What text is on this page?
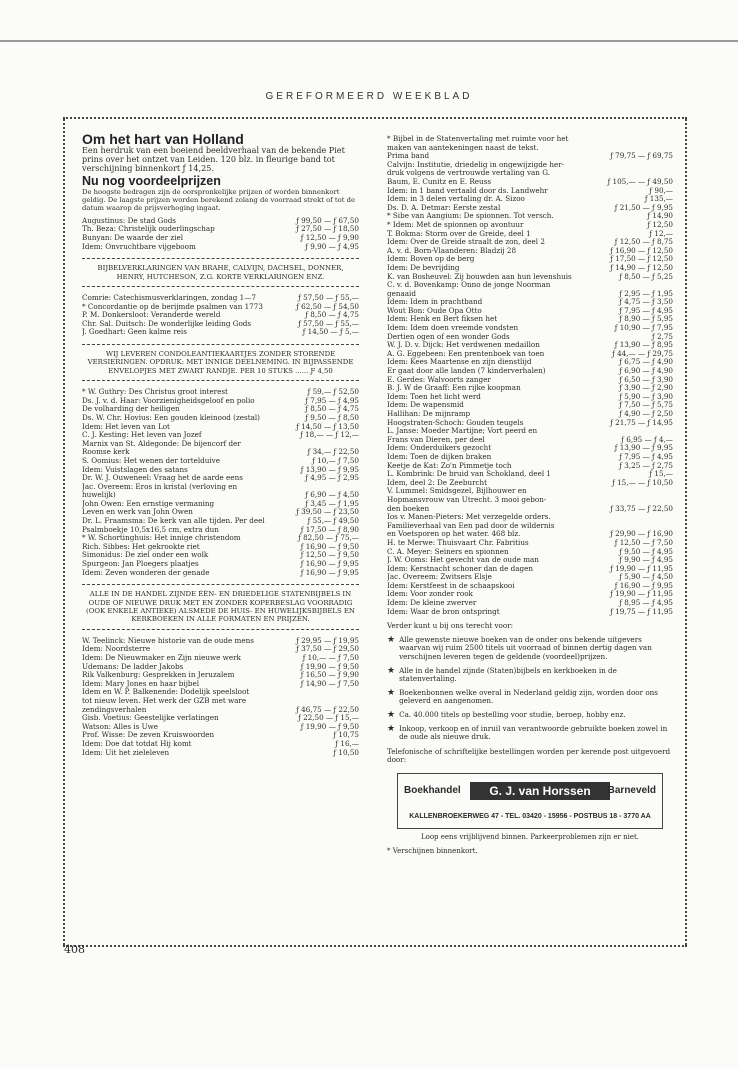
GEREFORMEERD WEEKBLAD
Om het hart van Holland

Een herdruk van een boeiend beeldverhaal van de bekende Piet prins over het ontzet van Leiden. 120 blz. in fleurige band tot verschijning binnenkort ƒ 14,25.

Nu nog voordeelprijzen

De hoogste bedragen zijn de oorspronkelijke prijzen of worden binnenkort geldig. De laagste prijzen worden berekend zolang de voorraad strekt of tot de datum waarop de prijsverhoging ingaat.

Augustinus: De stad Gods	ƒ 99,50 — ƒ 67,50
Th. Beza: Christelijk ouderlingschap	ƒ 27,50 — ƒ 18,50
Bunyan: De waarde der ziel	ƒ 12,50 — ƒ 9,90
Idem: Onvruchtbare vijgeboom	ƒ 9,90 — ƒ 4,95
BIJBELVERKLARINGEN VAN BRAHE, CALVIJN, DACHSEL, DONNER, HENRY, HUTCHESON, Z.G. KORTE VERKLARINGEN ENZ.
Comrie: Catechismusverklaringen, zondag 1—7	ƒ 57,50 — ƒ 55,—
* Concordantie op de berijmde psalmen van 1773	ƒ 62,50 — ƒ 54,50
P. M. Donkersloot: Veranderde wereld	ƒ 8,50 — ƒ 4,75
Chr. Sal. Duitsch: De wonderlijke leiding Gods	ƒ 57,50 — ƒ 55,—
J. Goedhart: Geen kalme reis	ƒ 14,50 — ƒ 5,—
WIJ LEVEREN CONDOLEANTIEKAARTJES ZONDER STORENDE VERSIERINGEN. OPDRUK: MET INNIGE DEELNEMING. IN BIJPASSENDE ENVELOPJES MET ZWART RANDJE. PER 10 STUKS ...... Ƒ 4,50
* W. Guthry: Des Christus groot interest	ƒ 59,— ƒ 52,50
Ds. J. v. d. Haar: Voorzienigheidsgeloof en polio	ƒ 7,95 — ƒ 4,95
De volharding der heiligen	ƒ 8,50 — ƒ 4,75
Ds. W. Chr. Hovius: Een gouden kleinood (zestal)	ƒ 9,50 — ƒ 8,50
Idem: Het leven van Lot	ƒ 14,50 — ƒ 13,50
C. J. Kesting: Het leven van Jozef	ƒ 18,— — ƒ 12,—
Marnix van St. Aldegonde: De bijencorf der
Roomse kerk	ƒ 34,— ƒ 22,50
S. Oomius: Het wenen der tortelduive	ƒ 10,— ƒ 7,50
Idem: Vuistslagen des satans	ƒ 13,90 — ƒ 9,95
Dr. W. J. Ouweneel: Vraag het de aarde eens	ƒ 4,95 — ƒ 2,95
Jac. Overeem: Eros in kristal (verloving en
huwelijk)	ƒ 6,90 — ƒ 4,50
John Owen: Een ernstige vermaning	ƒ 3,45 — ƒ 1,95
Leven en werk van John Owen	ƒ 39,50 — ƒ 23,50
Dr. L. Fraamsma: De kerk van alle tijden. Per deel	ƒ 55,— ƒ 49,50
Psalmboekje 10,5x16,5 cm, extra dun	ƒ 17,50 — ƒ 8,90
* W. Schortinghuis: Het innige christendom	ƒ 82,50 — ƒ 75,—
Rich. Sibbes: Het gekrookte riet	ƒ 16,90 — ƒ 9,50
Simonidus: De ziel onder een wolk	ƒ 12,50 — ƒ 9,50
Spurgeon: Jan Ploegers plaatjes	ƒ 16,90 — ƒ 9,95
Idem: Zeven wonderen der genade	ƒ 16,90 — ƒ 9,95
ALLE IN DE HANDEL ZIJNDE ÉÉN- EN DRIEDELIGE STATENBIJBELS IN OUDE OF NIEUWE DRUK MET EN ZONDER KOPERBESLAG VOORRADIG (OOK ENKELE ANTIEKE) ALSMEDE DE HUIS- EN HUWELIJKSBIJBELS EN KERKBOEKEN IN ALLE FORMATEN EN PRIJZEN.
W. Teelinck: Nieuwe historie van de oude mens	ƒ 29,95 — ƒ 19,95
Idem: Noordsterre	ƒ 37,50 — ƒ 29,50
Idem: De Nieuwmaker en Zijn nieuwe werk	ƒ 10,— — ƒ 7,50
Udemans: De ladder Jakobs	ƒ 19,90 — ƒ 9,50
Rik Valkenburg: Gesprekken in Jeruzalem	ƒ 16,50 — ƒ 9,90
Idem: Mary Jones en haar bijbel	ƒ 14,90 — ƒ 7,50
Idem en W. P. Balkenende: Dodelijk speelsloot
tot nieuw leven. Het werk der GZB met ware
zendingsverhalen	ƒ 46,75 — ƒ 22,50
Gisb. Voetius: Geestelijke verlatingen	ƒ 22,50 — ƒ 15,—
Watson: Alles is Uwe	ƒ 19,90 — ƒ 9,50
Prof. Wisse: De zeven Kruiswoorden	ƒ 10,75
Idem: Doe dat totdat Hij komt	ƒ 16,—
Idem: Uit het zieleleven	ƒ 10,50
* Bijbel in de Statenvertaling met ruimte voor het
maken van aantekeningen naast de tekst.
Prima band	ƒ 79,75 — ƒ 69,75
Calvijn: Institutie, driedelig in ongewijzigde her-
druk volgens de vertrouwde vertaling van G.
Baum, E. Cunitz en E. Reuss	ƒ 105,— — ƒ 49,50
Idem: in 1 band vertaald door ds. Landwehr	ƒ 90,—
Idem: in 3 delen vertaling dr. A. Sizoo	ƒ 135,—
Ds. D. A. Detmar: Eerste zestal	ƒ 21,50 — ƒ 9,95
* Sibe van Aangium: De spionnen. Tot versch.	ƒ 14,90
* Idem: Met de spionnen op avontuur	ƒ 12,50
T. Bokma: Storm over de Greide, deel 1	ƒ 12,—
Idem: Over de Greide straalt de zon, deel 2	ƒ 12,50 — ƒ 8,75
A. v. d. Born-Vlaanderen: Bladzij 28	ƒ 16,90 — ƒ 12,50
Idem: Boven op de berg	ƒ 17,50 — ƒ 12,50
Idem: De bevrijding	ƒ 14,90 — ƒ 12,50
K. van Bosheuvel: Zij bouwden aan hun levenshuis	ƒ 8,50 — ƒ 5,25
C. v. d. Bovenkamp: Onno de jonge Noorman
genaaid	ƒ 2,95 — ƒ 1,95
Idem: Idem in prachtband	ƒ 4,75 — ƒ 3,50
Wout Bon: Oude Opa Otto	ƒ 7,95 — ƒ 4,95
Idem: Henk en Bert fiksen het	ƒ 8,90 — ƒ 5,95
Idem: Idem doen vreemde vondsten	ƒ 10,90 — ƒ 7,95
Dertien ogen of een wonder Gods	ƒ 2,75
W. J. D. v. Dijck: Het verdwenen medaillon	ƒ 13,90 — ƒ 8,95
A. G. Eggebeen: Een prentenboek van toen	ƒ 44,— — ƒ 29,75
Idem: Kees Maartense en zijn dienstlijd	ƒ 6,75 — ƒ 4,90
Er gaat door alle landen (7 kinderverhalen)	ƒ 6,90 — ƒ 4,90
E. Gerdes: Walvoorts zanger	ƒ 6,50 — ƒ 3,90
B. J. W de Graaff: Een rijke koopman	ƒ 3,90 — ƒ 2,90
Idem: Toen het licht werd	ƒ 5,90 — ƒ 3,90
Idem: De wapensmid	ƒ 7,50 — ƒ 5,75
Hallihan: De mijnramp	ƒ 4,90 — ƒ 2,50
Hoogstraten-Schoch: Gouden teugels	ƒ 21,75 — ƒ 14,95
L. Janse: Moeder Martijne; Vort peerd en
Frans van Dieren, per deel	ƒ 6,95 — ƒ 4,—
Idem: Onderduikers gezocht	ƒ 13,90 — ƒ 9,95
Idem: Toen de dijken braken	ƒ 7,95 — ƒ 4,95
Keetje de Kat: Zo'n Pimmetje toch	ƒ 3,25 — ƒ 2,75
L. Kombrink: De bruid van Schokland, deel 1	ƒ 15,—
Idem, deel 2: De Zeeburcht	ƒ 15,— — ƒ 10,50
V. Lummel: Smidsgezel, Bijlhouwer en
Hopmansvrouw van Utrecht. 3 mooi gebon-
den boeken	ƒ 33,75 — ƒ 22,50
Ios v. Manen-Pieters: Met verzegelde orders.
Familieverhaal van Een pad door de wildernis
en Voetsporen op het water. 468 blz.	ƒ 29,90 — ƒ 16,90
H. te Merwe: Thuisvaart Chr. Fabritius	ƒ 12,50 — ƒ 7,50
C. A. Meyer: Seiners en spionnen	ƒ 9,50 — ƒ 4,95
J. W. Ooms: Het gevecht van de oude man	ƒ 9,90 — ƒ 4,95
Idem: Kerstnacht schoner dan de dagen	ƒ 19,90 — ƒ 11,95
Jac. Overeem: Zwitsers Elsje	ƒ 5,90 — ƒ 4,50
Idem: Kerstfeest in de schaapskooi	ƒ 16,90 — ƒ 9,95
Idem: Voor zonder rook	ƒ 19,90 — ƒ 11,95
Idem: De kleine zwerver	ƒ 8,95 — ƒ 4,95
Idem: Waar de bron ontspringt	ƒ 19,75 — ƒ 11,95

Verder kunt u bij ons terecht voor:

★ Alle gewenste nieuwe boeken van de onder ons bekende uitgevers waarvan wij ruim 2500 titels uit voorraad of binnen dertig dagen van verschijnen leveren tegen de geldende (voordeel)prijzen.
★ Alle in de handel zijnde (Staten)bijbels en kerkboeken in de statenvertaling.
★ Boekenbonnen welke overal in Nederland geldig zijn, worden door ons geleverd en aangenomen.
★ Ca. 40.000 titels op bestelling voor studie, beroep, hobby enz.
★ Inkoop, verkoop en of inruil van verantwoorde gebruikte boeken zowel in de oude als nieuwe druk.

Telefonische of schriftelijke bestellingen worden per kerende post uitgevoerd door:

Boekhandel	G. J. van Horssen	Barneveld
KALLENBROEKERWEG 47 - TEL. 03420 - 15956 - POSTBUS 18 - 3770 AA
Loop eens vrijblijvend binnen. Parkeerproblemen zijn er niet.
* Verschijnen binnenkort.
408
